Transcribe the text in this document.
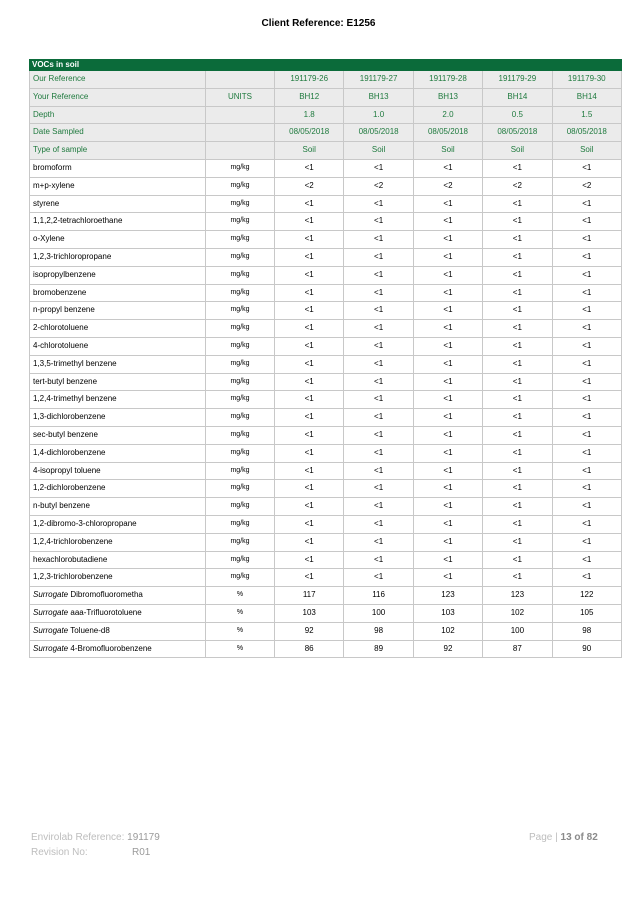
Client Reference: E1256
VOCs in soil						
Our Reference		191179-26	191179-27	191179-28	191179-29	191179-30
Your Reference	UNITS	BH12	BH13	BH13	BH14	BH14
Depth		1.8	1.0	2.0	0.5	1.5
Date Sampled		08/05/2018	08/05/2018	08/05/2018	08/05/2018	08/05/2018
Type of sample		Soil	Soil	Soil	Soil	Soil
bromoform	mg/kg	<1	<1	<1	<1	<1
m+p-xylene	mg/kg	<2	<2	<2	<2	<2
styrene	mg/kg	<1	<1	<1	<1	<1
1,1,2,2-tetrachloroethane	mg/kg	<1	<1	<1	<1	<1
o-Xylene	mg/kg	<1	<1	<1	<1	<1
1,2,3-trichloropropane	mg/kg	<1	<1	<1	<1	<1
isopropylbenzene	mg/kg	<1	<1	<1	<1	<1
bromobenzene	mg/kg	<1	<1	<1	<1	<1
n-propyl benzene	mg/kg	<1	<1	<1	<1	<1
2-chlorotoluene	mg/kg	<1	<1	<1	<1	<1
4-chlorotoluene	mg/kg	<1	<1	<1	<1	<1
1,3,5-trimethyl benzene	mg/kg	<1	<1	<1	<1	<1
tert-butyl benzene	mg/kg	<1	<1	<1	<1	<1
1,2,4-trimethyl benzene	mg/kg	<1	<1	<1	<1	<1
1,3-dichlorobenzene	mg/kg	<1	<1	<1	<1	<1
sec-butyl benzene	mg/kg	<1	<1	<1	<1	<1
1,4-dichlorobenzene	mg/kg	<1	<1	<1	<1	<1
4-isopropyl toluene	mg/kg	<1	<1	<1	<1	<1
1,2-dichlorobenzene	mg/kg	<1	<1	<1	<1	<1
n-butyl benzene	mg/kg	<1	<1	<1	<1	<1
1,2-dibromo-3-chloropropane	mg/kg	<1	<1	<1	<1	<1
1,2,4-trichlorobenzene	mg/kg	<1	<1	<1	<1	<1
hexachlorobutadiene	mg/kg	<1	<1	<1	<1	<1
1,2,3-trichlorobenzene	mg/kg	<1	<1	<1	<1	<1
Surrogate Dibromofluorometha	%	117	116	123	123	122
Surrogate aaa-Trifluorotoluene	%	103	100	103	102	105
Surrogate Toluene-d8	%	92	98	102	100	98
Surrogate 4-Bromofluorobenzene	%	86	89	92	87	90
Envirolab Reference: 191179
Revision No:	R01
Page | 13 of 82
